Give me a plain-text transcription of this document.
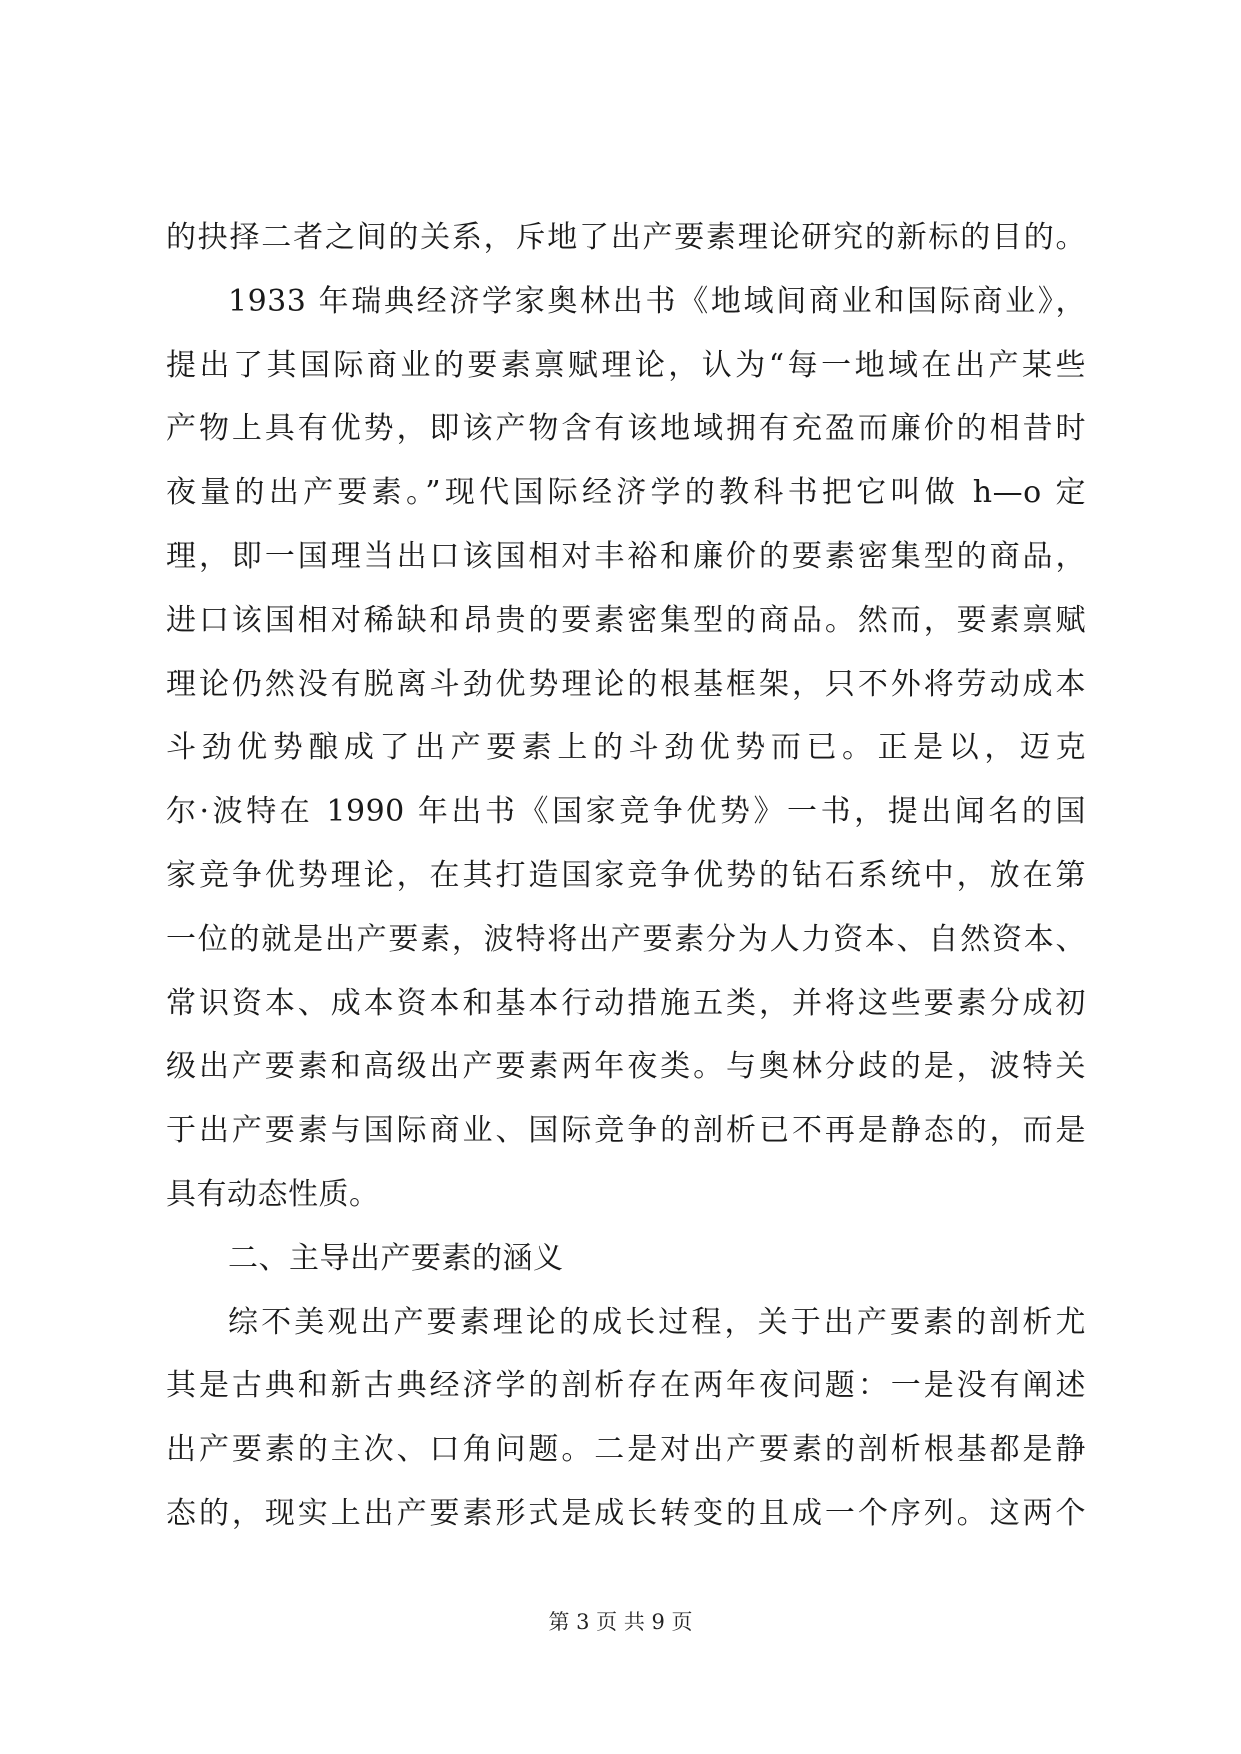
的抉择二者之间的关系，斥地了出产要素理论研究的新标的目的。
1933 年瑞典经济学家奥林出书《地域间商业和国际商业》，
提出了其国际商业的要素禀赋理论，认为“每一地域在出产某些
产物上具有优势，即该产物含有该地域拥有充盈而廉价的相昔时
夜量的出产要素。”现代国际经济学的教科书把它叫做 h—o 定
理，即一国理当出口该国相对丰裕和廉价的要素密集型的商品，
进口该国相对稀缺和昂贵的要素密集型的商品。然而，要素禀赋
理论仍然没有脱离斗劲优势理论的根基框架，只不外将劳动成本
斗劲优势酿成了出产要素上的斗劲优势而已。正是以，迈克
尔·波特在 1990 年出书《国家竞争优势》一书，提出闻名的国
家竞争优势理论，在其打造国家竞争优势的钻石系统中，放在第
一位的就是出产要素，波特将出产要素分为人力资本、自然资本、
常识资本、成本资本和基本行动措施五类，并将这些要素分成初
级出产要素和高级出产要素两年夜类。与奥林分歧的是，波特关
于出产要素与国际商业、国际竞争的剖析已不再是静态的，而是
具有动态性质。
二、主导出产要素的涵义
综不美观出产要素理论的成长过程，关于出产要素的剖析尤
其是古典和新古典经济学的剖析存在两年夜问题：一是没有阐述
出产要素的主次、口角问题。二是对出产要素的剖析根基都是静
态的，现实上出产要素形式是成长转变的且成一个序列。这两个
第 3 页 共 9 页
